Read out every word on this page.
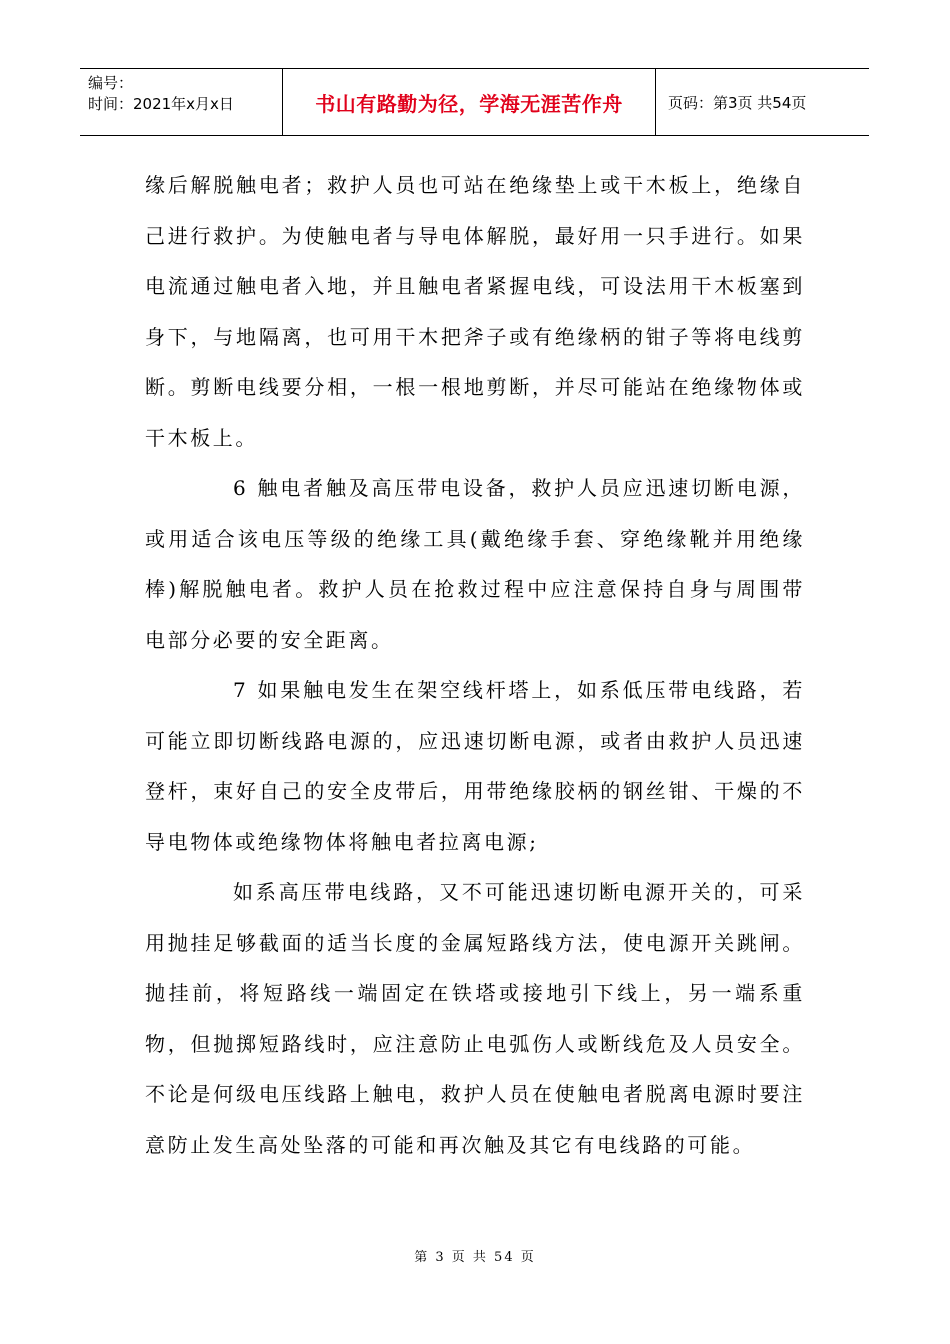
编号：
时间：2021年x月x日	书山有路勤为径，学海无涯苦作舟	页码：第3页 共54页

缘后解脱触电者；救护人员也可站在绝缘垫上或干木板上，绝缘自己进行救护。为使触电者与导电体解脱，最好用一只手进行。如果电流通过触电者入地，并且触电者紧握电线，可设法用干木板塞到身下，与地隔离，也可用干木把斧子或有绝缘柄的钳子等将电线剪断。剪断电线要分相，一根一根地剪断，并尽可能站在绝缘物体或干木板上。

6 触电者触及高压带电设备，救护人员应迅速切断电源，或用适合该电压等级的绝缘工具(戴绝缘手套、穿绝缘靴并用绝缘棒)解脱触电者。救护人员在抢救过程中应注意保持自身与周围带电部分必要的安全距离。

7 如果触电发生在架空线杆塔上，如系低压带电线路，若可能立即切断线路电源的，应迅速切断电源，或者由救护人员迅速登杆，束好自己的安全皮带后，用带绝缘胶柄的钢丝钳、干燥的不导电物体或绝缘物体将触电者拉离电源;

如系高压带电线路，又不可能迅速切断电源开关的，可采用抛挂足够截面的适当长度的金属短路线方法，使电源开关跳闸。抛挂前，将短路线一端固定在铁塔或接地引下线上，另一端系重物，但抛掷短路线时，应注意防止电弧伤人或断线危及人员安全。不论是何级电压线路上触电，救护人员在使触电者脱离电源时要注意防止发生高处坠落的可能和再次触及其它有电线路的可能。

第 3 页 共 54 页
